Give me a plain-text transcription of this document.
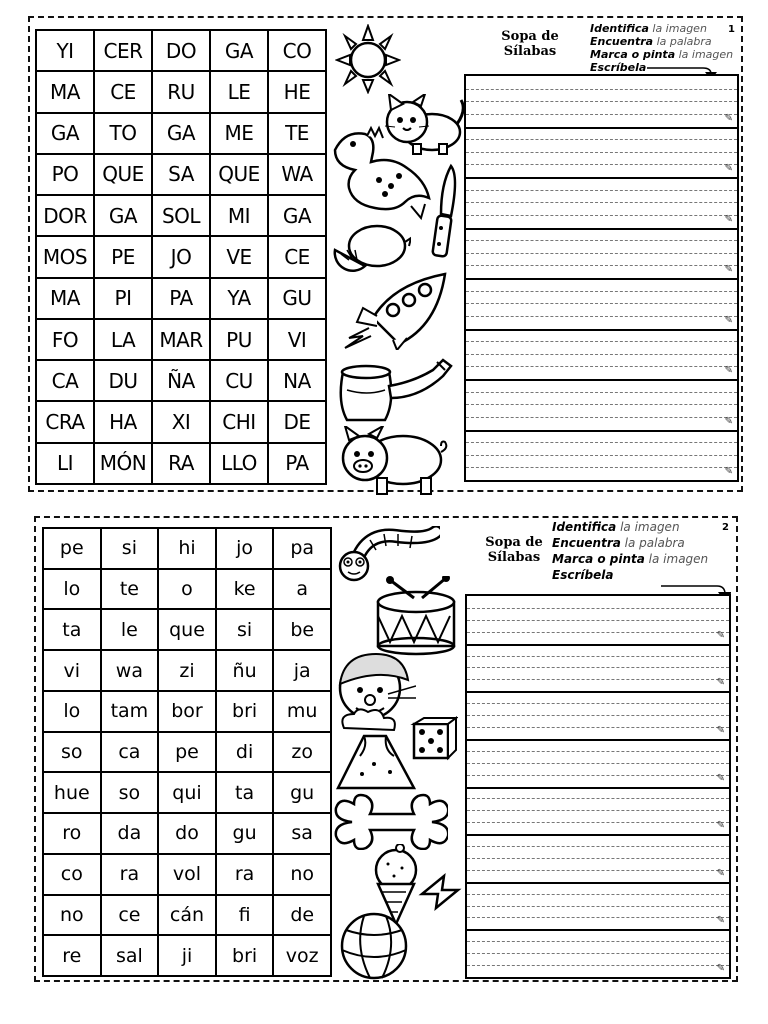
YI	CER	DO	GA	CO
MA	CE	RU	LE	HE
GA	TO	GA	ME	TE
PO	QUE	SA	QUE	WA
DOR	GA	SOL	MI	GA
MOS	PE	JO	VE	CE
MA	PI	PA	YA	GU
FO	LA	MAR	PU	VI
CA	DU	ÑA	CU	NA
CRA	HA	XI	CHI	DE
LI	MÓN	RA	LLO	PA
Sopa de
Sílabas
Identifica la imagen
Encuentra la palabra
Marca o pinta la imagen
Escríbela
1
✎
✎
✎
✎
✎
✎
✎
✎
pe	si	hi	jo	pa
lo	te	o	ke	a
ta	le	que	si	be
vi	wa	zi	ñu	ja
lo	tam	bor	bri	mu
so	ca	pe	di	zo
hue	so	qui	ta	gu
ro	da	do	gu	sa
co	ra	vol	ra	no
no	ce	cán	fi	de
re	sal	ji	bri	voz
Sopa de
Sílabas
Identifica la imagen
Encuentra la palabra
Marca o pinta la imagen
Escríbela
2
✎
✎
✎
✎
✎
✎
✎
✎
